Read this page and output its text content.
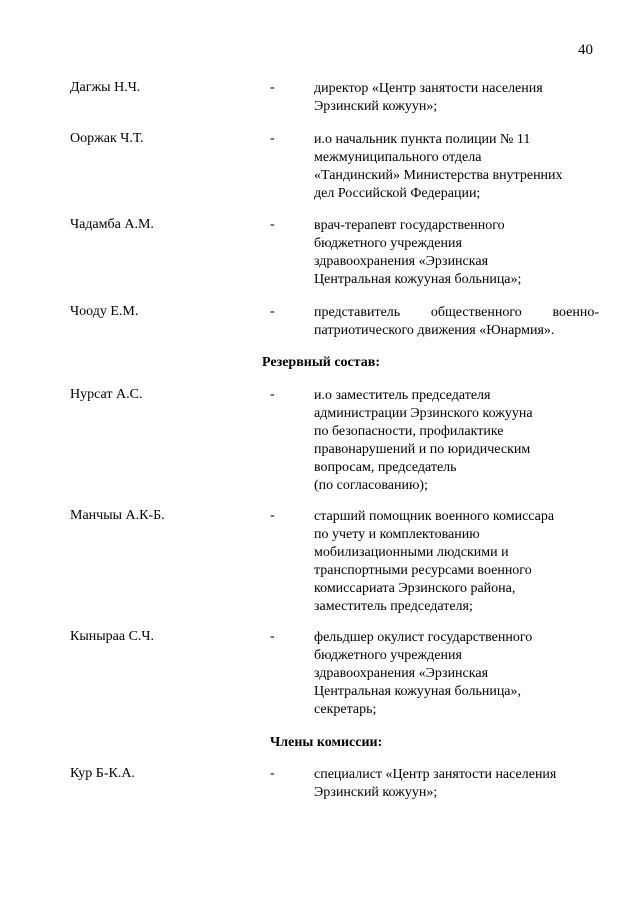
40
Дагжы Н.Ч.	-	директор «Центр занятости населения
Эрзинский кожуун»;
Ооржак Ч.Т.	-	и.о начальник пункта полиции № 11
межмуниципального отдела
«Тандинский» Министерства внутренних
дел Российской Федерации;
Чадамба А.М.	-	врач-терапевт государственного
бюджетного учреждения
здравоохранения «Эрзинская
Центральная кожууная больница»;
Чооду Е.М.	-	представитель общественного военно-
патриотического движения «Юнармия».
Резервный состав:
Нурсат А.С.	-	и.о заместитель председателя
администрации Эрзинского кожууна
по безопасности, профилактике
правонарушений и по юридическим
вопросам, председатель
(по согласованию);
Манчыы А.К-Б.	-	старший помощник военного комиссара
по учету и комплектованию
мобилизационными людскими и
транспортными ресурсами военного
комиссариата Эрзинского района,
заместитель председателя;
Кыныраа С.Ч.	-	фельдшер окулист государственного
бюджетного учреждения
здравоохранения «Эрзинская
Центральная кожууная больница»,
секретарь;
Члены комиссии:
Кур Б-К.А.	-	специалист «Центр занятости населения
Эрзинский кожуун»;
